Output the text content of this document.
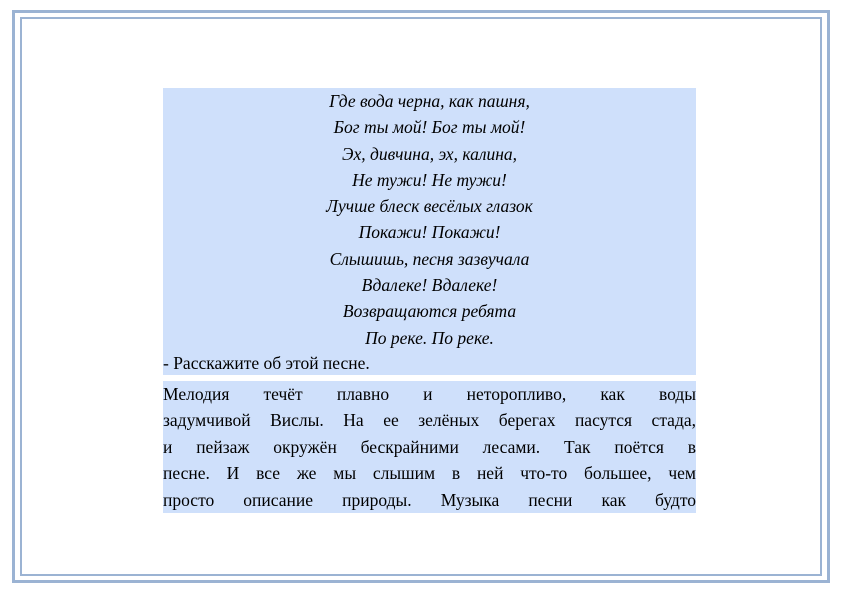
Где вода черна, как пашня,
Бог ты мой! Бог ты мой!
Эх, дивчина, эх, калина,
Не тужи! Не тужи!
Лучше блеск весёлых глазок
Покажи! Покажи!
Слышишь, песня зазвучала
Вдалеке! Вдалеке!
Возвращаются ребята
По реке. По реке.
- Расскажите об этой песне.
Мелодия течёт плавно и неторопливо, как воды
задумчивой Вислы. На ее зелёных берегах пасутся стада,
и пейзаж окружён бескрайними лесами. Так поётся в
песне. И все же мы слышим в ней что-то большее, чем
просто описание природы. Музыка песни как будто
